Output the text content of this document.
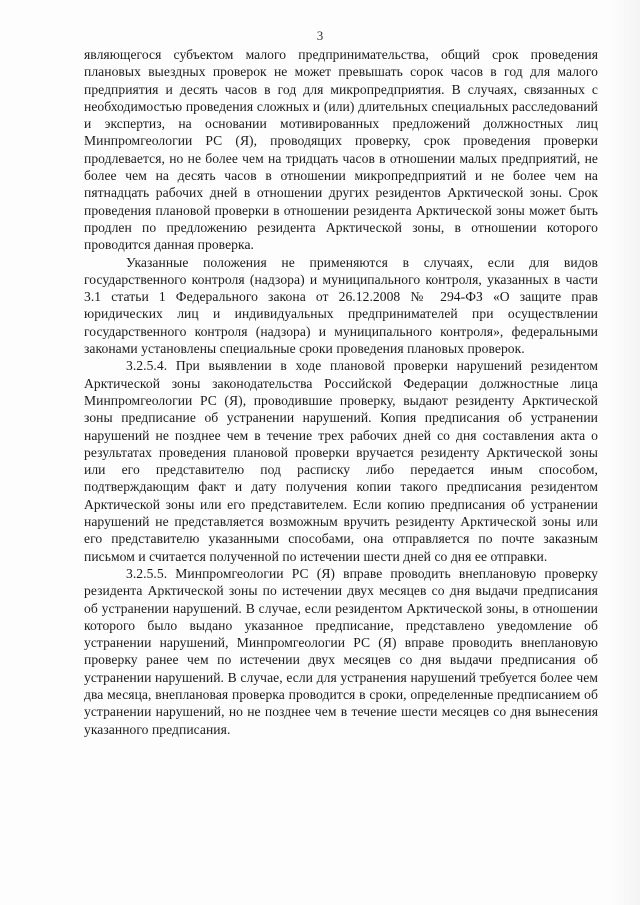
3

являющегося субъектом малого предпринимательства, общий срок проведения плановых выездных проверок не может превышать сорок часов в год для малого предприятия и десять часов в год для микропредприятия. В случаях, связанных с необходимостью проведения сложных и (или) длительных специальных расследований и экспертиз, на основании мотивированных предложений должностных лиц Минпромгеологии РС (Я), проводящих проверку, срок проведения проверки продлевается, но не более чем на тридцать часов в отношении малых предприятий, не более чем на десять часов в отношении микропредприятий и не более чем на пятнадцать рабочих дней в отношении других резидентов Арктической зоны. Срок проведения плановой проверки в отношении резидента Арктической зоны может быть продлен по предложению резидента Арктической зоны, в отношении которого проводится данная проверка.

Указанные положения не применяются в случаях, если для видов государственного контроля (надзора) и муниципального контроля, указанных в части 3.1 статьи 1 Федерального закона от 26.12.2008 № 294-ФЗ «О защите прав юридических лиц и индивидуальных предпринимателей при осуществлении государственного контроля (надзора) и муниципального контроля», федеральными законами установлены специальные сроки проведения плановых проверок.

3.2.5.4. При выявлении в ходе плановой проверки нарушений резидентом Арктической зоны законодательства Российской Федерации должностные лица Минпромгеологии РС (Я), проводившие проверку, выдают резиденту Арктической зоны предписание об устранении нарушений. Копия предписания об устранении нарушений не позднее чем в течение трех рабочих дней со дня составления акта о результатах проведения плановой проверки вручается резиденту Арктической зоны или его представителю под расписку либо передается иным способом, подтверждающим факт и дату получения копии такого предписания резидентом Арктической зоны или его представителем. Если копию предписания об устранении нарушений не представляется возможным вручить резиденту Арктической зоны или его представителю указанными способами, она отправляется по почте заказным письмом и считается полученной по истечении шести дней со дня ее отправки.

3.2.5.5. Минпромгеологии РС (Я) вправе проводить внеплановую проверку резидента Арктической зоны по истечении двух месяцев со дня выдачи предписания об устранении нарушений. В случае, если резидентом Арктической зоны, в отношении которого было выдано указанное предписание, представлено уведомление об устранении нарушений, Минпромгеологии РС (Я) вправе проводить внеплановую проверку ранее чем по истечении двух месяцев со дня выдачи предписания об устранении нарушений. В случае, если для устранения нарушений требуется более чем два месяца, внеплановая проверка проводится в сроки, определенные предписанием об устранении нарушений, но не позднее чем в течение шести месяцев со дня вынесения указанного предписания.
